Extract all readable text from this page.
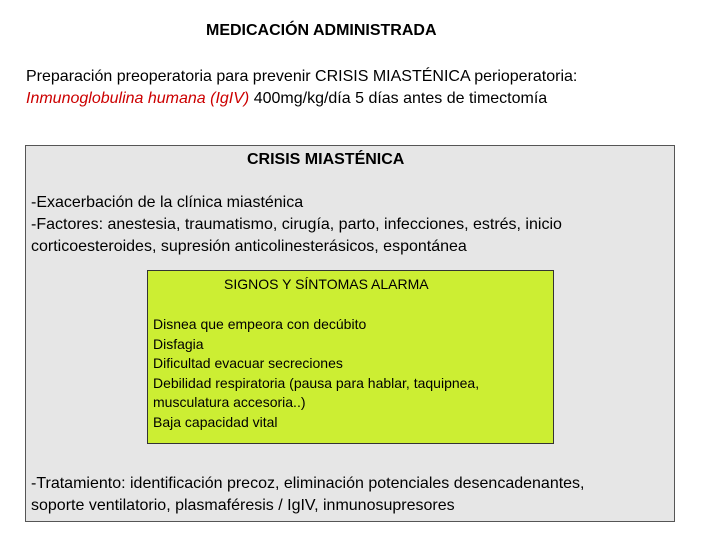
MEDICACIÓN ADMINISTRADA
Preparación preoperatoria para prevenir CRISIS MIASTÉNICA perioperatoria:
Inmunoglobulina humana (IgIV) 400mg/kg/día 5 días antes de timectomía
CRISIS MIASTÉNICA
-Exacerbación de la clínica miasténica
-Factores: anestesia, traumatismo, cirugía, parto, infecciones, estrés, inicio
corticoesteroides, supresión anticolinesterásicos, espontánea
SIGNOS Y SÍNTOMAS ALARMA
Disnea que empeora con decúbito
Disfagia
Dificultad evacuar secreciones
Debilidad respiratoria (pausa para hablar, taquipnea,
musculatura accesoria..)
Baja capacidad vital
-Tratamiento: identificación precoz, eliminación potenciales desencadenantes,
soporte ventilatorio, plasmaféresis / IgIV, inmunosupresores
